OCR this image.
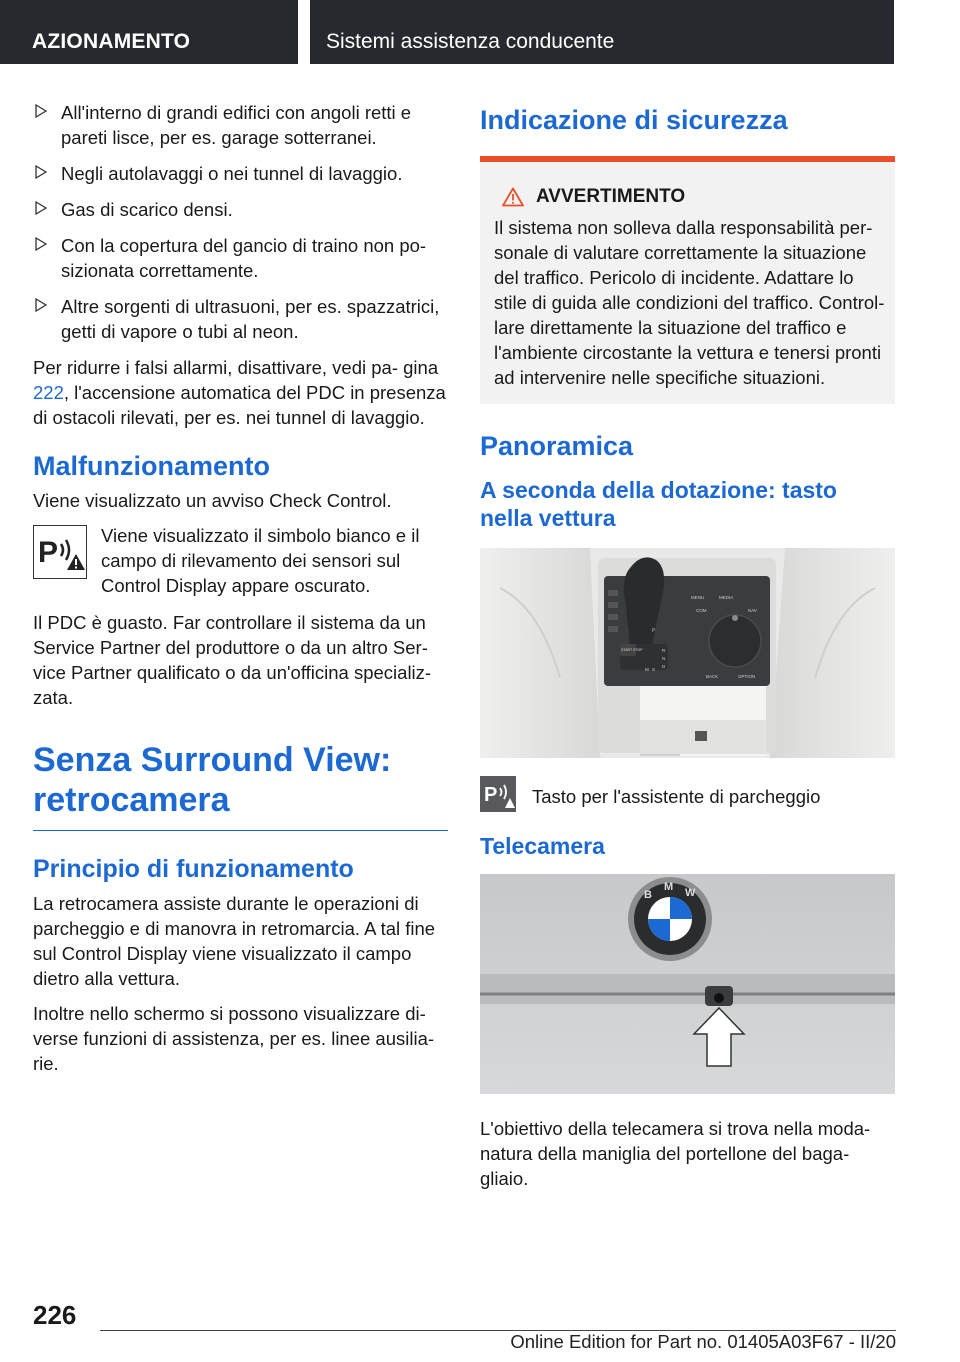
AZIONAMENTO	Sistemi assistenza conducente
All'interno di grandi edifici con angoli retti e pareti lisce, per es. garage sotterranei.
Negli autolavaggi o nei tunnel di lavaggio.
Gas di scarico densi.
Con la copertura del gancio di traino non po- sizionata correttamente.
Altre sorgenti di ultrasuoni, per es. spazzatrici, getti di vapore o tubi al neon.

Per ridurre i falsi allarmi, disattivare, vedi pa- gina 222, l'accensione automatica del PDC in presenza di ostacoli rilevati, per es. nei tunnel di lavaggio.

Malfunzionamento

Viene visualizzato un avviso Check Control.

P
Viene visualizzato il simbolo bianco e il campo di rilevamento dei sensori sul Control Display appare oscurato.

Il PDC è guasto. Far controllare il sistema da un Service Partner del produttore o da un altro Ser- vice Partner qualificato o da un'officina specializ- zata.

Senza Surround View:
retrocamera
Principio di funzionamento

La retrocamera assiste durante le operazioni di parcheggio e di manovra in retromarcia. A tal fine sul Control Display viene visualizzato il campo dietro alla vettura.

Inoltre nello schermo si possono visualizzare di- verse funzioni di assistenza, per es. linee ausilia- rie.

Indicazione di sicurezza
AVVERTIMENTO
Il sistema non solleva dalla responsabilità per- sonale di valutare correttamente la situazione del traffico. Pericolo di incidente. Adattare lo stile di guida alle condizioni del traffico. Control- lare direttamente la situazione del traffico e l'ambiente circostante la vettura e tenersi pronti ad intervenire nelle specifiche situazioni.
Panoramica
A seconda della dotazione: tasto nella vettura
MENU	MEDIA
COM	NAV
BACK	OPTION
P
R
N
D
M S
START STOP
P Tasto per l'assistente di parcheggio
Telecamera
B
M W

L'obiettivo della telecamera si trova nella moda- natura della maniglia del portellone del baga- gliaio.

226
Online Edition for Part no. 01405A03F67 - II/20
